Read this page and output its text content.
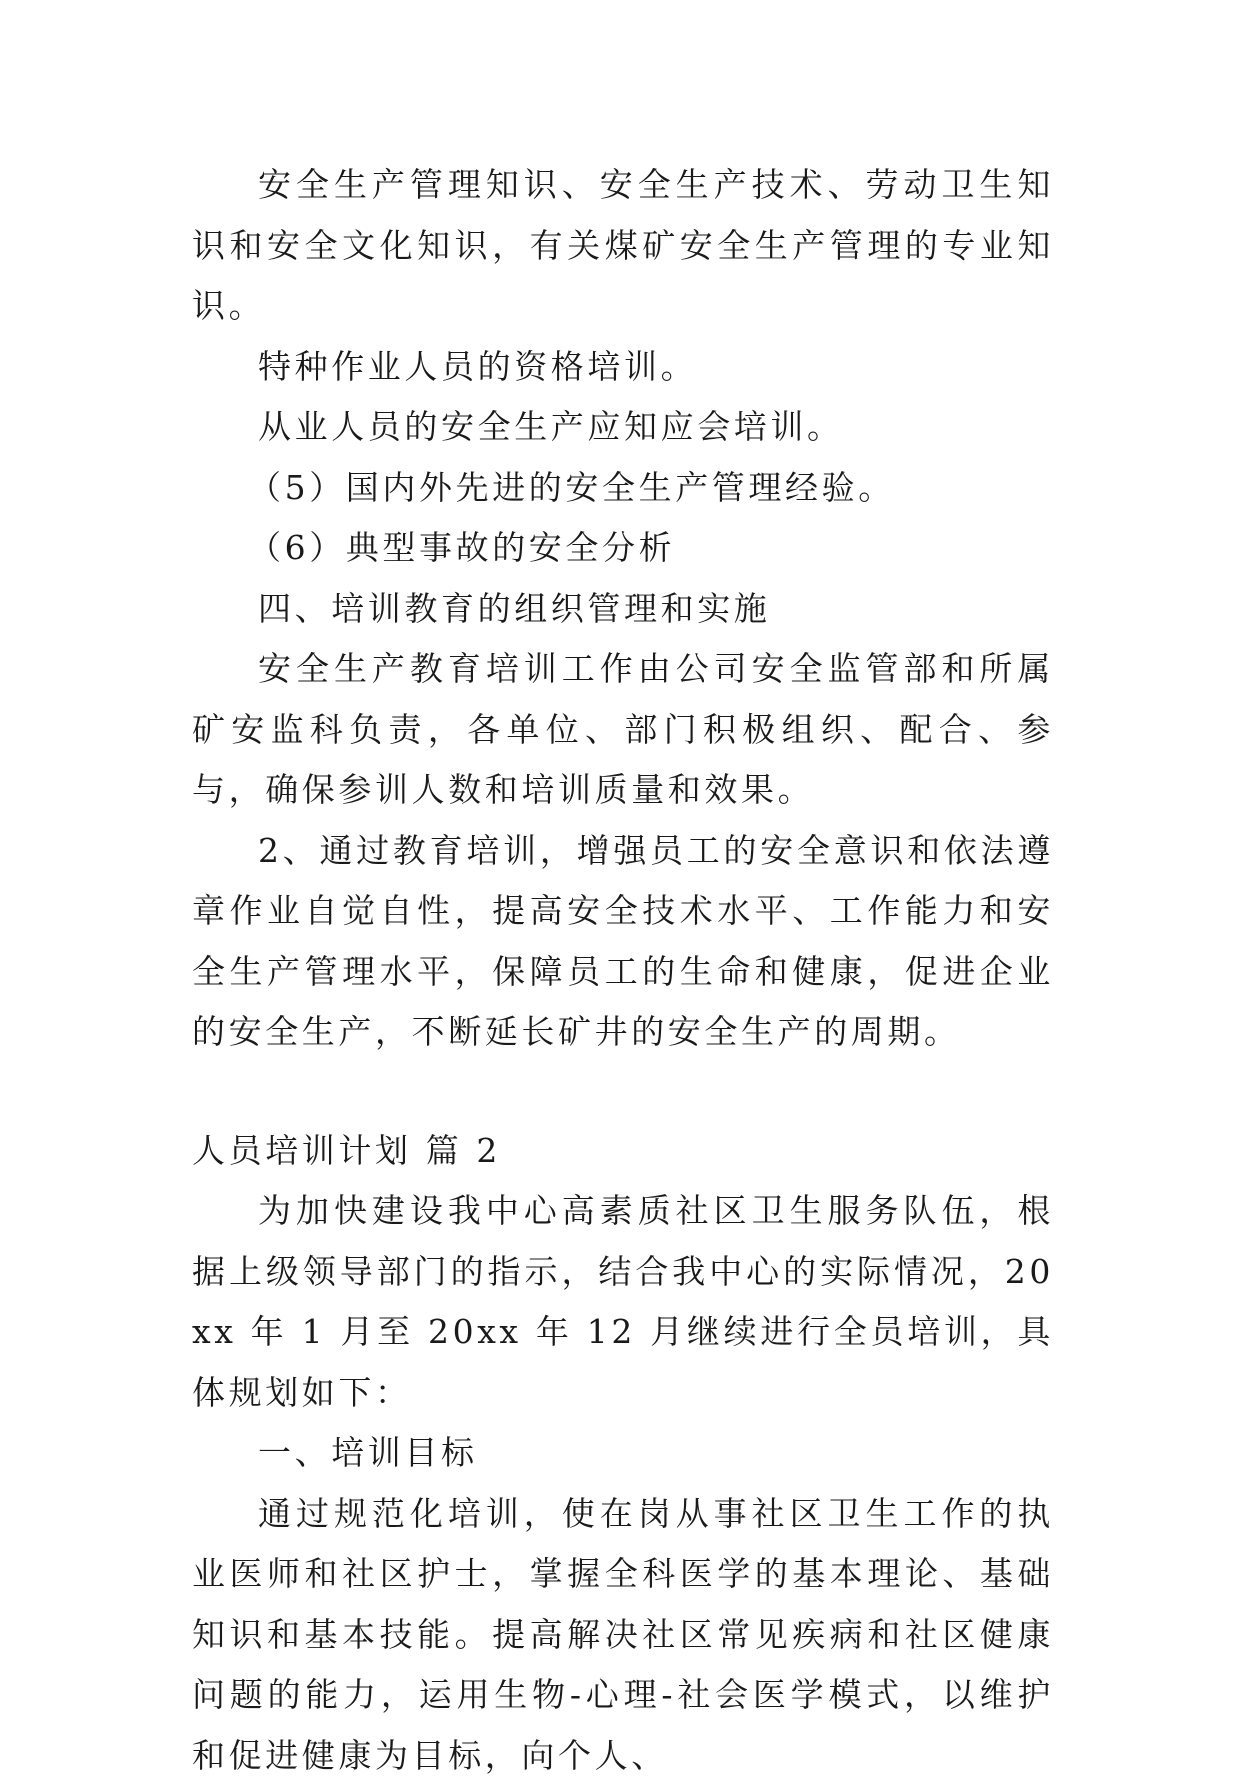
安全生产管理知识、安全生产技术、劳动卫生知识和安全文化知识，有关煤矿安全生产管理的专业知识。

特种作业人员的资格培训。

从业人员的安全生产应知应会培训。

（5）国内外先进的安全生产管理经验。

（6）典型事故的安全分析

四、培训教育的组织管理和实施

安全生产教育培训工作由公司安全监管部和所属矿安监科负责，各单位、部门积极组织、配合、参与，确保参训人数和培训质量和效果。

2、通过教育培训，增强员工的安全意识和依法遵章作业自觉自性，提高安全技术水平、工作能力和安全生产管理水平，保障员工的生命和健康，促进企业的安全生产，不断延长矿井的安全生产的周期。

人员培训计划 篇 2

为加快建设我中心高素质社区卫生服务队伍，根据上级领导部门的指示，结合我中心的实际情况，20xx 年 1 月至 20xx 年 12 月继续进行全员培训，具体规划如下：

一、培训目标

通过规范化培训，使在岗从事社区卫生工作的执业医师和社区护士，掌握全科医学的基本理论、基础知识和基本技能。提高解决社区常见疾病和社区健康问题的能力，运用生物-心理-社会医学模式，以维护和促进健康为目标，向个人、
